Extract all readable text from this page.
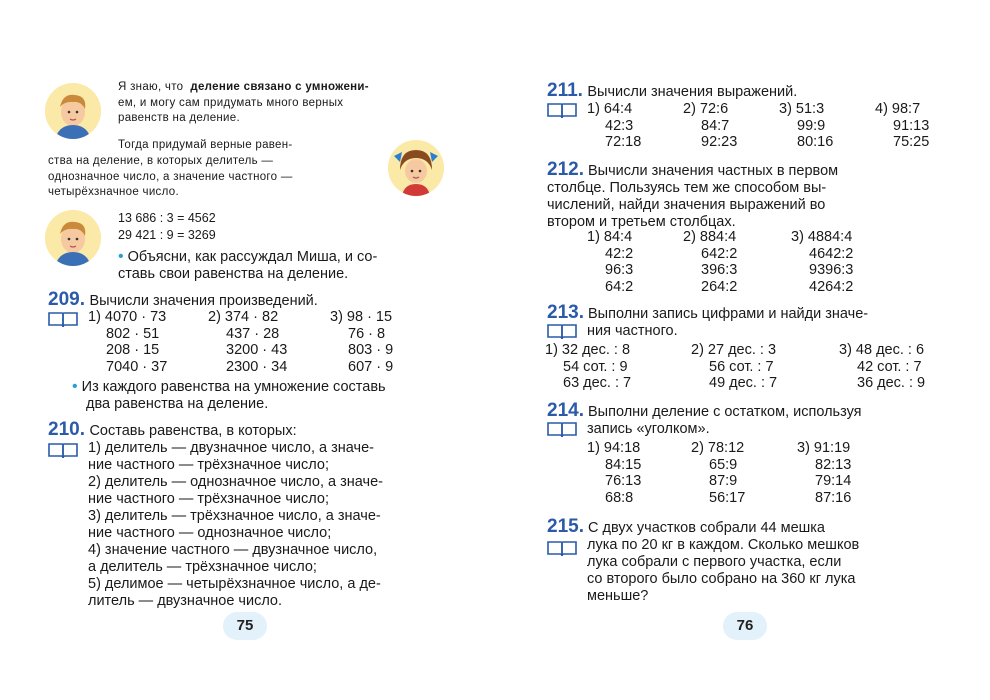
Я знаю, что деление связано с умножени-
ем, и могу сам придумать много верных
равенств на деление.
Тогда придумай верные равен-
ства на деление, в которых делитель —
однозначное число, а значение частного —
четырёхзначное число.
13 686 : 3 = 4562
29 421 : 9 = 3269
• Объясни, как рассуждал Миша, и со-
ставь свои равенства на деление.
209. Вычисли значения произведений.
1) 4070 · 73
802 · 51
208 · 15
7040 · 37
2) 374 · 82
437 · 28
3200 · 43
2300 · 34
3) 98 · 15
76 · 8
803 · 9
607 · 9
• Из каждого равенства на умножение составь
два равенства на деление.
210. Составь равенства, в которых:
1) делитель — двузначное число, а значе-
ние частного — трёхзначное число;
2) делитель — однозначное число, а значе-
ние частного — трёхзначное число;
3) делитель — трёхзначное число, а значе-
ние частного — однозначное число;
4) значение частного — двузначное число,
а делитель — трёхзначное число;
5) делимое — четырёхзначное число, а де-
литель — двузначное число.
75
211. Вычисли значения выражений.
1) 64:4
42:3
72:18
2) 72:6
84:7
92:23
3) 51:3
99:9
80:16
4) 98:7
91:13
75:25
212. Вычисли значения частных в первом
столбце. Пользуясь тем же способом вы-
числений, найди значения выражений во
втором и третьем столбцах.
1) 84:4
42:2
96:3
64:2
2) 884:4
642:2
396:3
264:2
3) 4884:4
4642:2
9396:3
4264:2
213. Выполни запись цифрами и найди значе-
ния частного.
1) 32 дес. : 8
54 сот. : 9
63 дес. : 7
2) 27 дес. : 3
56 сот. : 7
49 дес. : 7
3) 48 дес. : 6
42 сот. : 7
36 дес. : 9
214. Выполни деление с остатком, используя
запись «уголком».
1) 94:18
84:15
76:13
68:8
2) 78:12
65:9
87:9
56:17
3) 91:19
82:13
79:14
87:16
215. С двух участков собрали 44 мешка
лука по 20 кг в каждом. Сколько мешков
лука собрали с первого участка, если
со второго было собрано на 360 кг лука
меньше?
76
